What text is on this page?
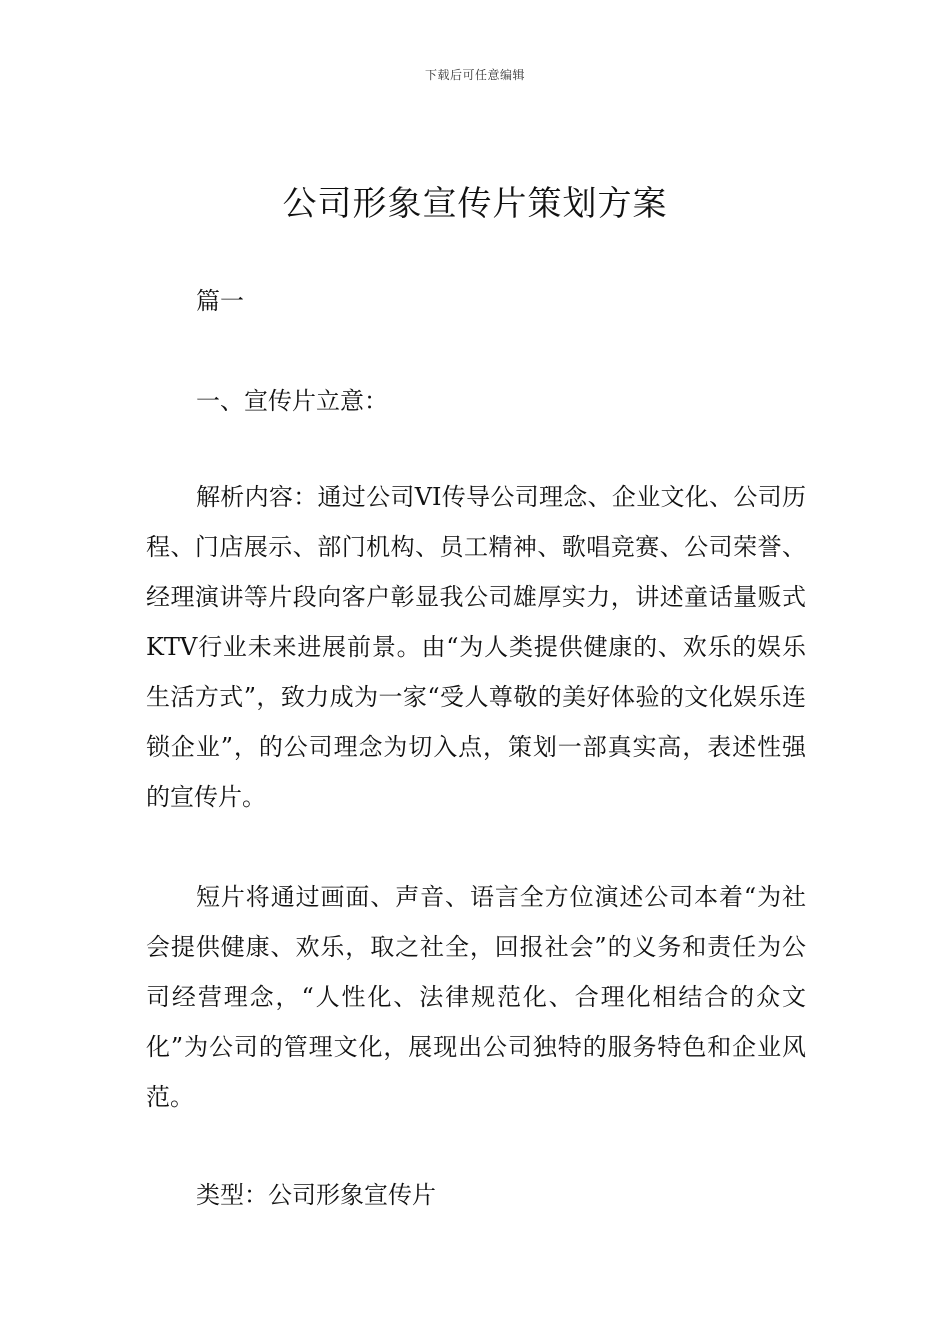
下载后可任意编辑
公司形象宣传片策划方案

篇一

一、宣传片立意：

解析内容：通过公司VI传导公司理念、企业文化、公司历程、门店展示、部门机构、员工精神、歌唱竞赛、公司荣誉、经理演讲等片段向客户彰显我公司雄厚实力，讲述童话量贩式KTV行业未来进展前景。由“为人类提供健康的、欢乐的娱乐生活方式”，致力成为一家“受人尊敬的美好体验的文化娱乐连锁企业”，的公司理念为切入点，策划一部真实高，表述性强的宣传片。

短片将通过画面、声音、语言全方位演述公司本着“为社会提供健康、欢乐，取之社全，回报社会”的义务和责任为公司经营理念，“人性化、法律规范化、合理化相结合的众文化”为公司的管理文化，展现出公司独特的服务特色和企业风范。

类型：公司形象宣传片
